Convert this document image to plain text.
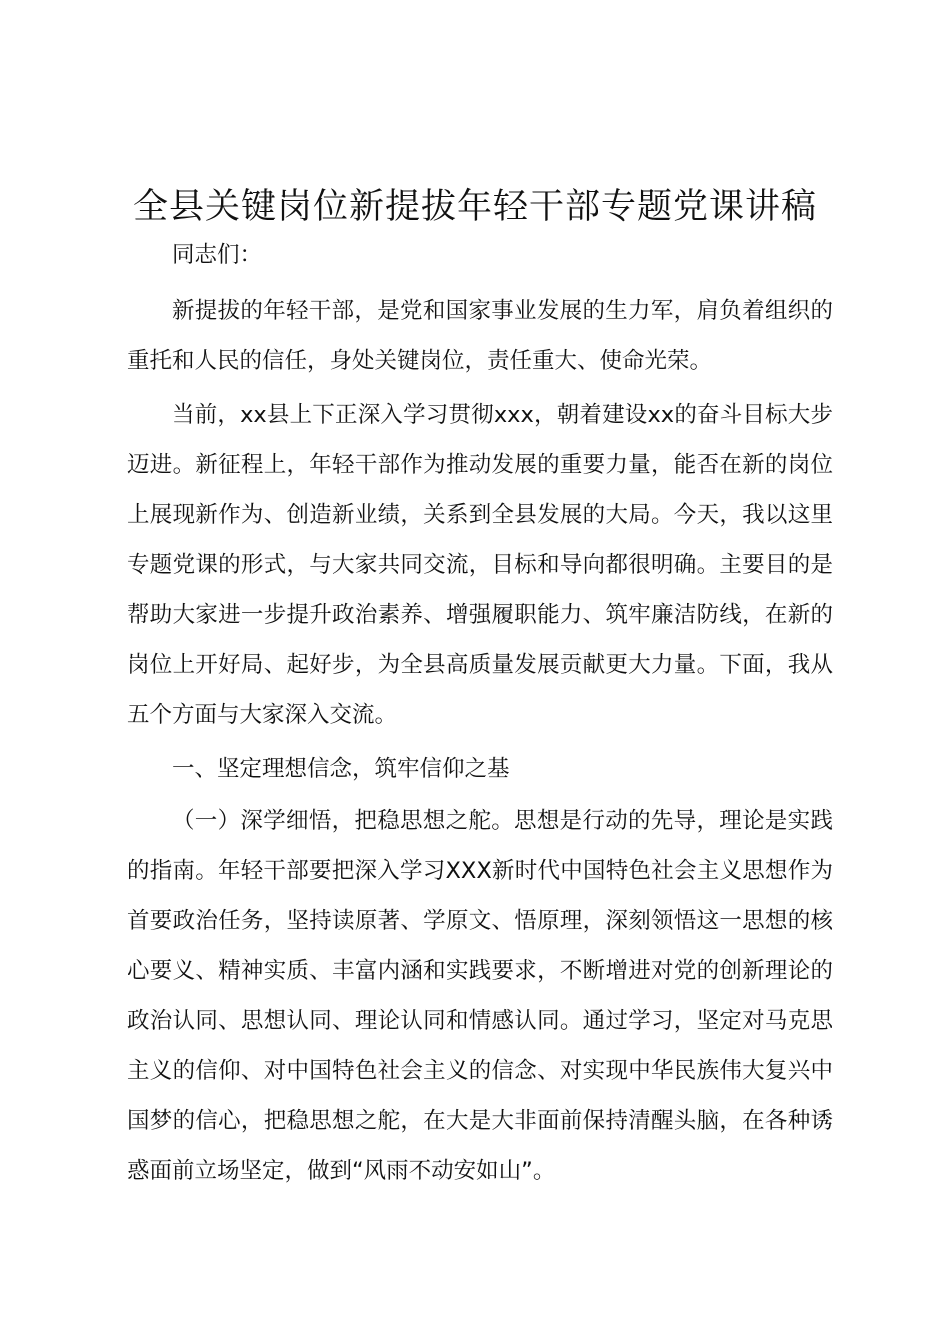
全县关键岗位新提拔年轻干部专题党课讲稿

同志们：

新提拔的年轻干部，是党和国家事业发展的生力军，肩负着组织的重托和人民的信任，身处关键岗位，责任重大、使命光荣。

当前，xx县上下正深入学习贯彻xxx，朝着建设xx的奋斗目标大步迈进。新征程上，年轻干部作为推动发展的重要力量，能否在新的岗位上展现新作为、创造新业绩，关系到全县发展的大局。今天，我以这里专题党课的形式，与大家共同交流，目标和导向都很明确。主要目的是帮助大家进一步提升政治素养、增强履职能力、筑牢廉洁防线，在新的岗位上开好局、起好步，为全县高质量发展贡献更大力量。下面，我从五个方面与大家深入交流。

一、坚定理想信念，筑牢信仰之基

（一）深学细悟，把稳思想之舵。思想是行动的先导，理论是实践的指南。年轻干部要把深入学习XXX新时代中国特色社会主义思想作为首要政治任务，坚持读原著、学原文、悟原理，深刻领悟这一思想的核心要义、精神实质、丰富内涵和实践要求，不断增进对党的创新理论的政治认同、思想认同、理论认同和情感认同。通过学习，坚定对马克思主义的信仰、对中国特色社会主义的信念、对实现中华民族伟大复兴中国梦的信心，把稳思想之舵，在大是大非面前保持清醒头脑，在各种诱惑面前立场坚定，做到“风雨不动安如山”。
